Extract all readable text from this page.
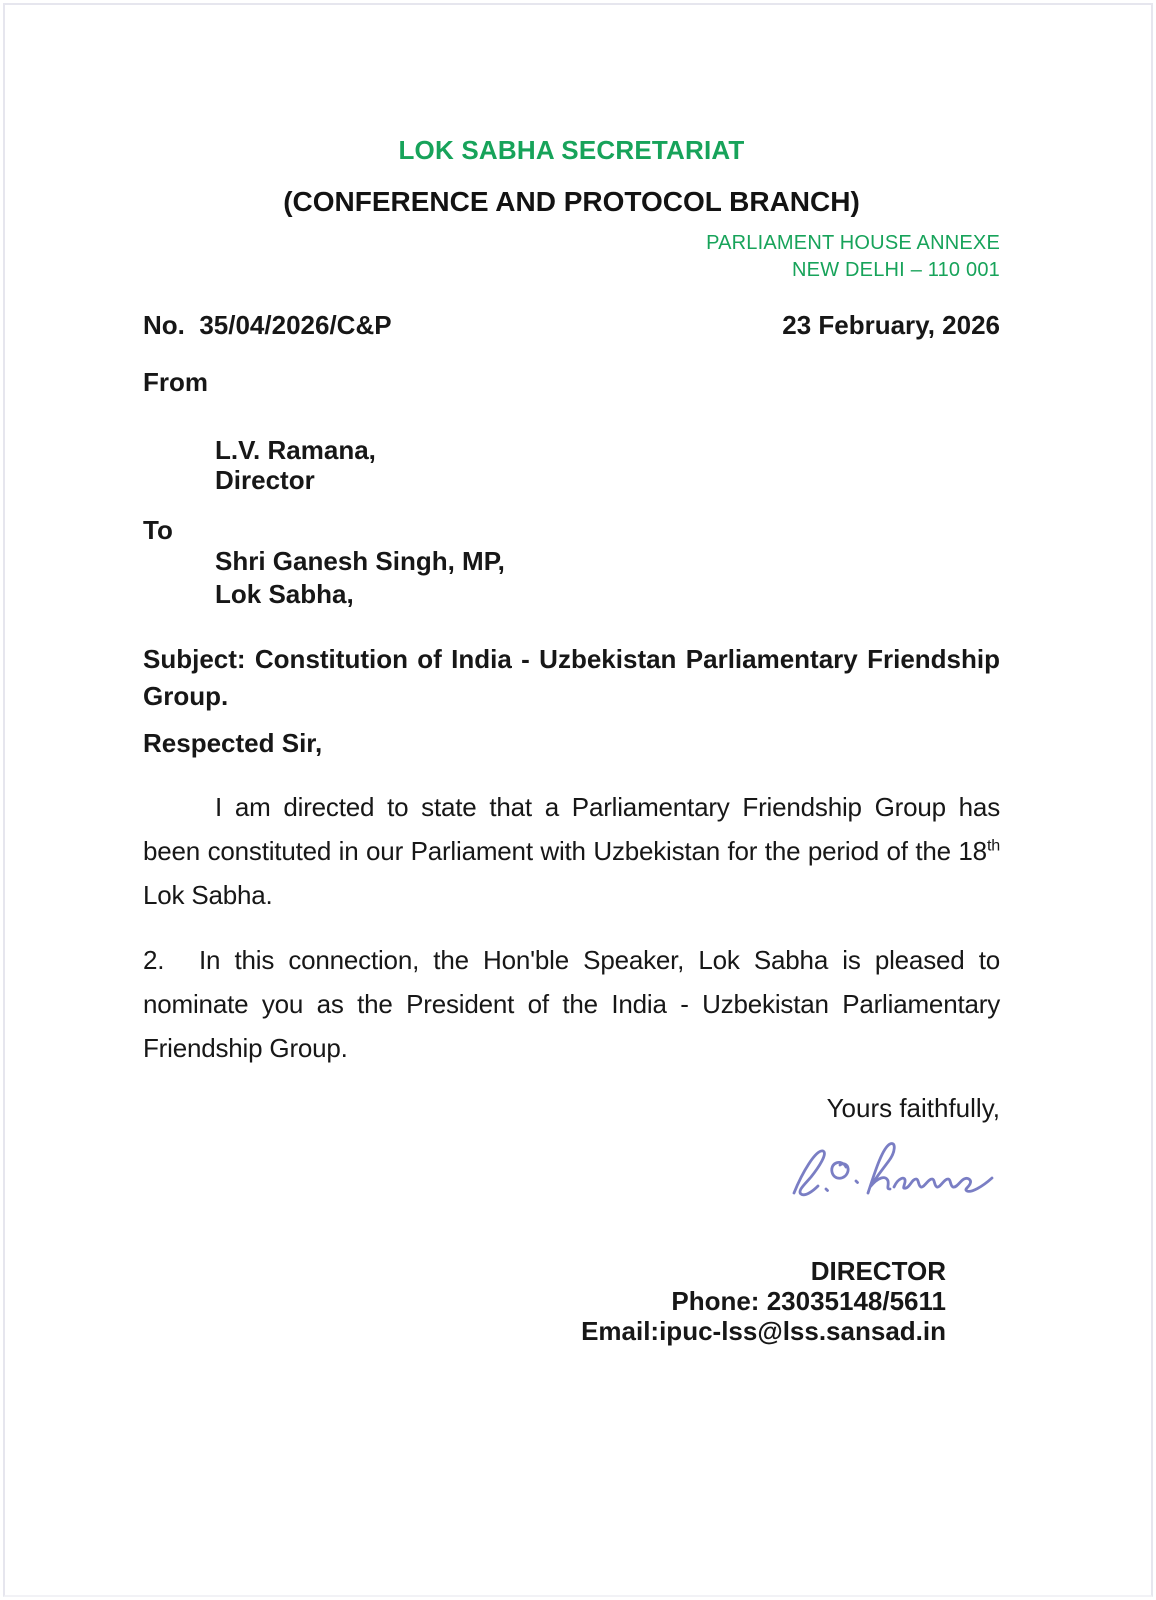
LOK SABHA SECRETARIAT
(CONFERENCE AND PROTOCOL BRANCH)
PARLIAMENT HOUSE ANNEXE
NEW DELHI – 110 001
No.  35/04/2026/C&P	23 February, 2026
From
L.V. Ramana,
Director
To
Shri Ganesh Singh, MP,
Lok Sabha,
Subject: Constitution of India - Uzbekistan Parliamentary Friendship
Group.
Respected Sir,
I am directed to state that a Parliamentary Friendship Group has
been constituted in our Parliament with Uzbekistan for the period of the 18th
Lok Sabha.
2. In this connection, the Hon'ble Speaker, Lok Sabha is pleased to
nominate you as the President of the India - Uzbekistan Parliamentary
Friendship Group.
Yours faithfully,
DIRECTOR
Phone: 23035148/5611
Email:ipuc-lss@lss.sansad.in
